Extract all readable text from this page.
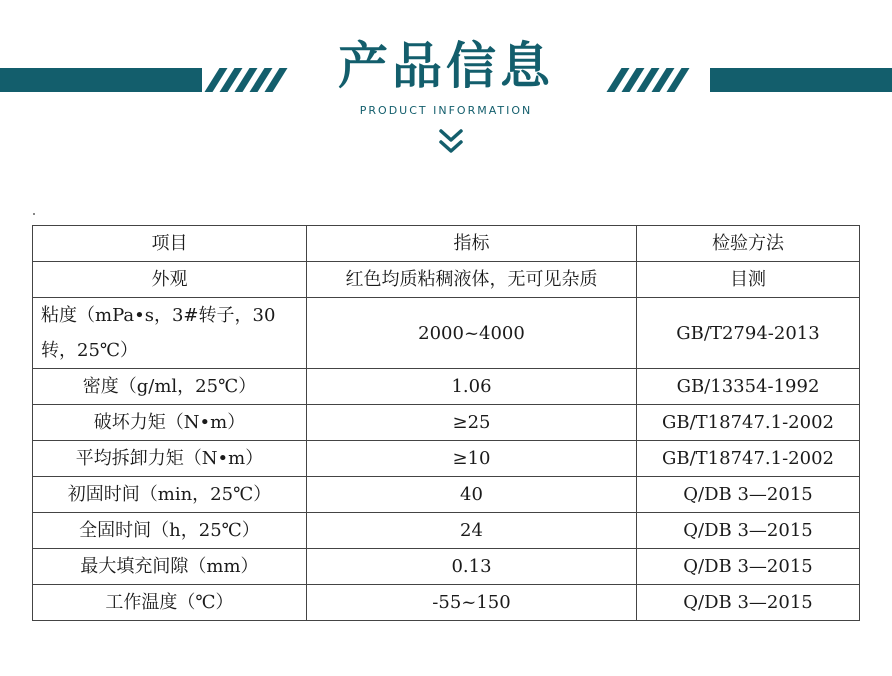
产品信息
PRODUCT INFORMATION
项目	指标	检验方法
外观	红色均质粘稠液体，无可见杂质	目测
粘度（mPa•s，3#转子，30
转，25℃）	2000~4000	GB/T2794-2013
密度（g/ml，25℃）	1.06	GB/13354-1992
破坏力矩（N•m）	≥25	GB/T18747.1-2002
平均拆卸力矩（N•m）	≥10	GB/T18747.1-2002
初固时间（min，25℃）	40	Q/DB 3—2015
全固时间（h，25℃）	24	Q/DB 3—2015
最大填充间隙（mm）	0.13	Q/DB 3—2015
工作温度（℃）	-55~150	Q/DB 3—2015
